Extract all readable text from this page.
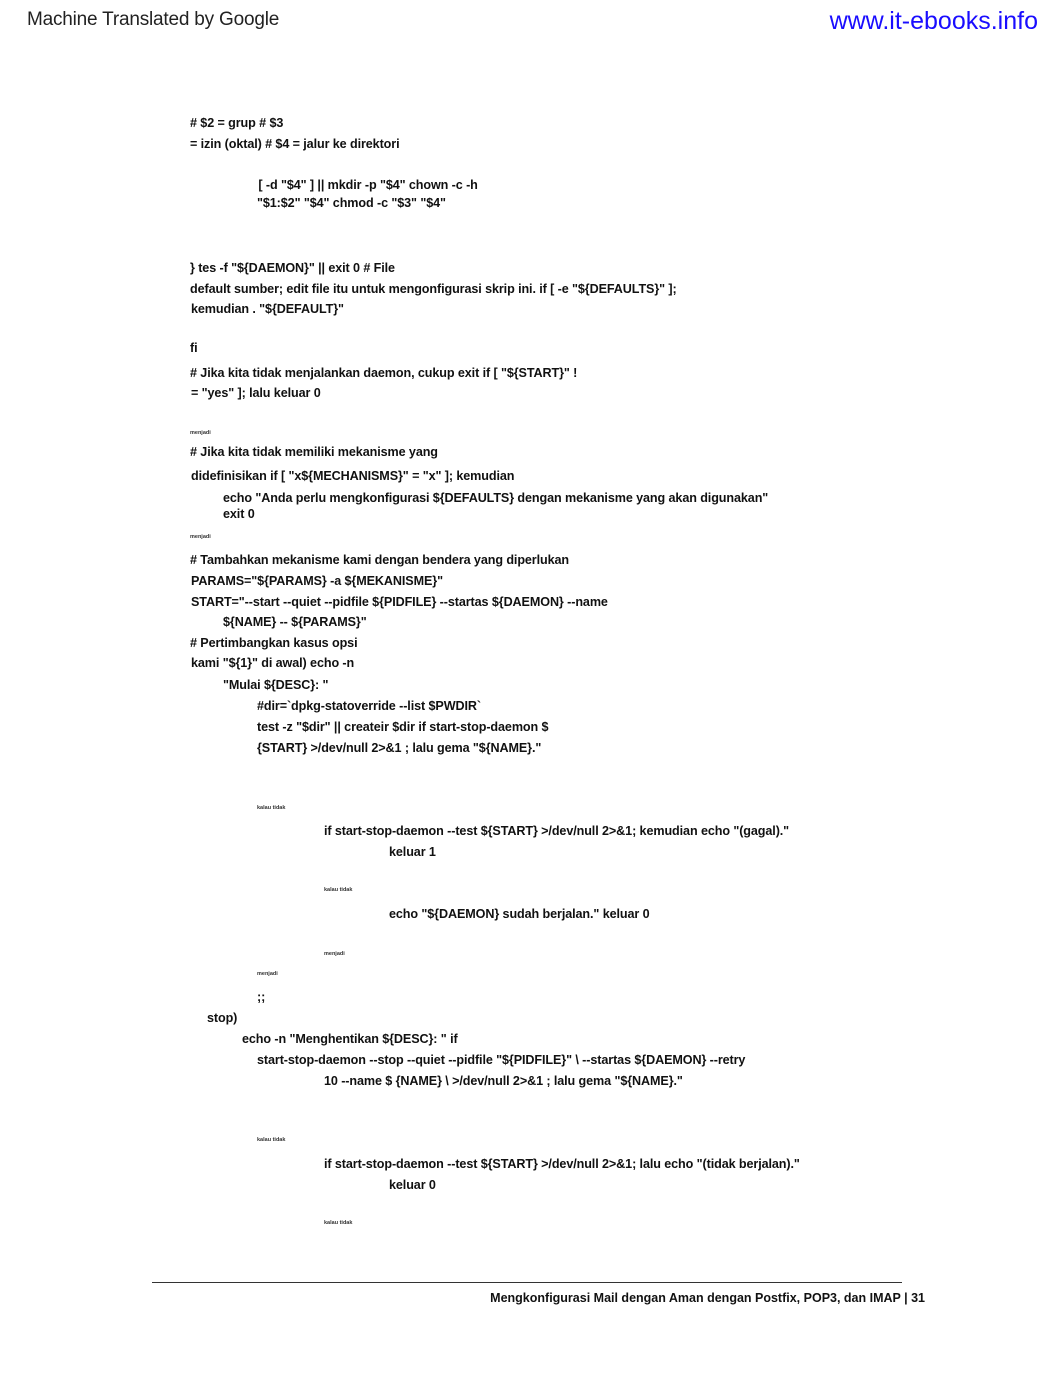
Machine Translated by Google	www.it-ebooks.info
# $2 = grup # $3
= izin (oktal) # $4 = jalur ke direktori
[ -d "$4" ] || mkdir -p "$4" chown -c -h
"$1:$2" "$4" chmod -c "$3" "$4"
} tes -f "${DAEMON}" || exit 0 # File
default sumber; edit file itu untuk mengonfigurasi skrip ini. if [ -e "${DEFAULTS}" ];
kemudian . "${DEFAULT}"
fi
# Jika kita tidak menjalankan daemon, cukup exit if [ "${START}" !
= "yes" ]; lalu keluar 0
menjadi
# Jika kita tidak memiliki mekanisme yang
didefinisikan if [ "x${MECHANISMS}" = "x" ]; kemudian
echo "Anda perlu mengkonfigurasi ${DEFAULTS} dengan mekanisme yang akan digunakan"
exit 0
menjadi
# Tambahkan mekanisme kami dengan bendera yang diperlukan
PARAMS="${PARAMS} -a ${MEKANISME}"
START="--start --quiet --pidfile ${PIDFILE} --startas ${DAEMON} --name
${NAME} -- ${PARAMS}"
# Pertimbangkan kasus opsi
kami "${1}" di awal) echo -n
"Mulai ${DESC}: "
#dir=`dpkg-statoverride --list $PWDIR`
test -z "$dir" || createir $dir if start-stop-daemon $
{START} >/dev/null 2>&1 ; lalu gema "${NAME}."
kalau tidak
if start-stop-daemon --test ${START} >/dev/null 2>&1; kemudian echo "(gagal)."
keluar 1
kalau tidak
echo "${DAEMON} sudah berjalan." keluar 0
menjadi
menjadi
;;
stop)
echo -n "Menghentikan ${DESC}: " if
start-stop-daemon --stop --quiet --pidfile "${PIDFILE}" \ --startas ${DAEMON} --retry
10 --name $ {NAME} \ >/dev/null 2>&1 ; lalu gema "${NAME}."
kalau tidak
if start-stop-daemon --test ${START} >/dev/null 2>&1; lalu echo "(tidak berjalan)."
keluar 0
kalau tidak
Mengkonfigurasi Mail dengan Aman dengan Postfix, POP3, dan IMAP | 31
